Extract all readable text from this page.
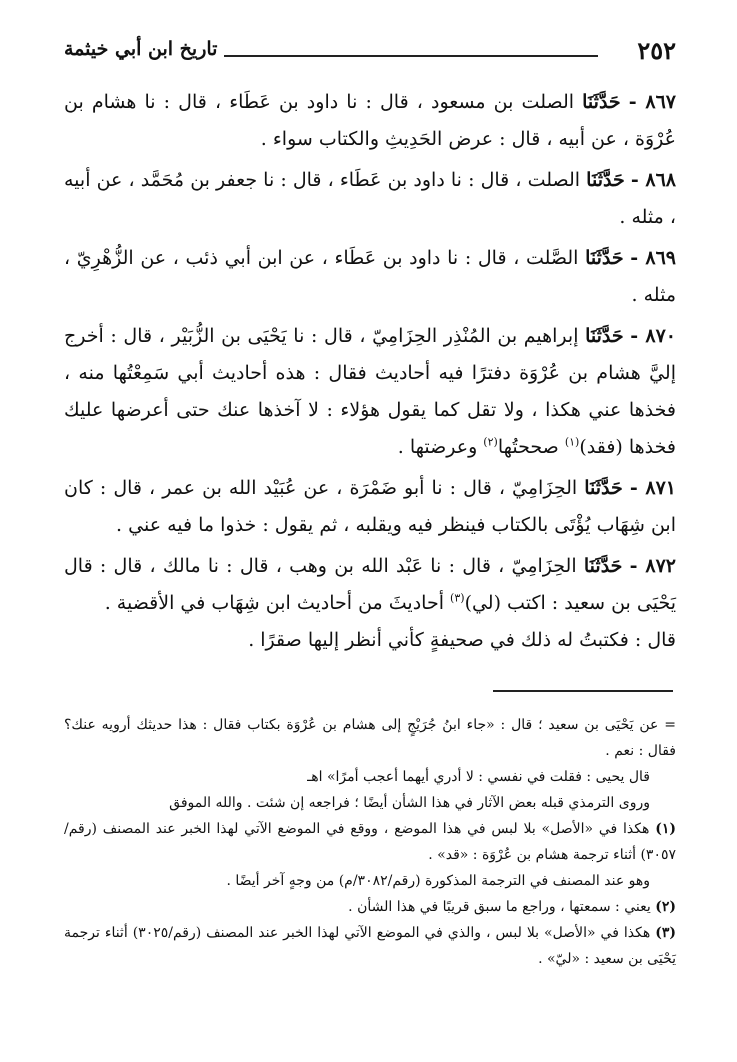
٢٥٢
تاريخ ابن أبي خيثمة

٨٦٧ - حَدَّثَنَا الصلت بن مسعود ، قال : نا داود بن عَطَاء ، قال : نا هشام بن عُرْوَة ، عن أبيه ، قال : عرض الحَدِيثِ والكتاب سواء .

٨٦٨ - حَدَّثَنَا الصلت ، قال : نا داود بن عَطَاء ، قال : نا جعفر بن مُحَمَّد ، عن أبيه ، مثله .

٨٦٩ - حَدَّثَنَا الصَّلت ، قال : نا داود بن عَطَاء ، عن ابن أبي ذئب ، عن الزُّهْرِيّ ، مثله .

٨٧٠ - حَدَّثَنَا إبراهيم بن المُنْذِر الحِزَامِيّ ، قال : نا يَحْيَى بن الزُّبَيْر ، قال : أخرج إليَّ هشام بن عُرْوَة دفترًا فيه أحاديث فقال : هذه أحاديث أبي سَمِعْتُها منه ، فخذها عني هكذا ، ولا تقل كما يقول هؤلاء : لا آخذها عنك حتى أعرضها عليك فخذها (فقد)$^{(١)}$ صححتُها$^{(٢)}$ وعرضتها .

٨٧١ - حَدَّثَنَا الحِزَامِيّ ، قال : نا أبو ضَمْرَة ، عن عُبَيْد الله بن عمر ، قال : كان ابن شِهَاب يُؤْتَى بالكتاب فينظر فيه ويقلبه ، ثم يقول : خذوا ما فيه عني .

٨٧٢ - حَدَّثَنَا الحِزَامِيّ ، قال : نا عَبْد الله بن وهب ، قال : نا مالك ، قال : قال يَحْيَى بن سعيد : اكتب (لي)$^{(٣)}$ أحاديثَ من أحاديث ابن شِهَاب في الأقضية .

قال : فكتبتُ له ذلك في صحيفةٍ كأني أنظر إليها صقرًا .

= عن يَحْيَى بن سعيد ؛ قال : «جاء ابنُ جُرَيْجٍ إلى هشام بن عُرْوَة بكتاب فقال : هذا حديثك أرويه عنك؟ فقال : نعم .

قال يحيى : فقلت في نفسي : لا أدري أيهما أعجب أمرًا» اهـ

وروى الترمذي قبله بعض الآثار في هذا الشأن أيضًا ؛ فراجعه إن شئت . والله الموفق

(١) هكذا في «الأصل» بلا لبس في هذا الموضع ، ووقع في الموضع الآتي لهذا الخبر عند المصنف (رقم/٣٠٥٧) أثناء ترجمة هشام بن عُرْوَة : «قد» .

وهو عند المصنف في الترجمة المذكورة (رقم/٣٠٨٢/م) من وجهٍ آخر أيضًا .

(٢) يعني : سمعتها ، وراجع ما سبق قريبًا في هذا الشأن .

(٣) هكذا في «الأصل» بلا لبس ، والذي في الموضع الآتي لهذا الخبر عند المصنف (رقم/٣٠٢٥) أثناء ترجمة يَحْيَى بن سعيد : «ليّ» .
